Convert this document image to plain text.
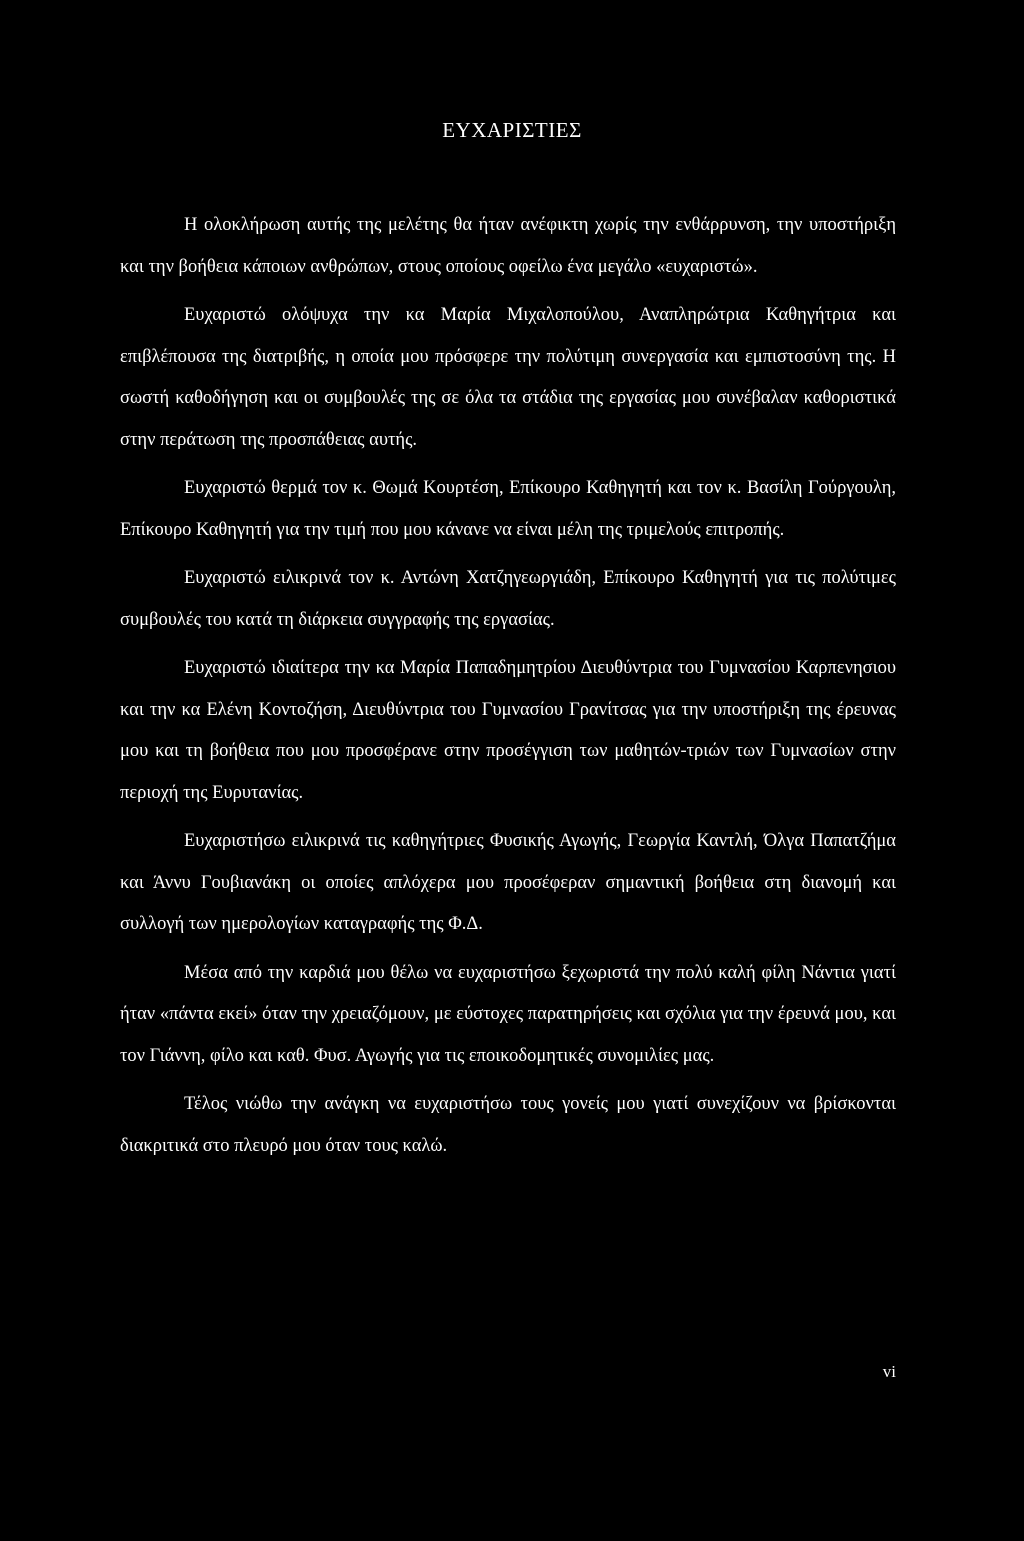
ΕΥΧΑΡΙΣΤΙΕΣ

Η ολοκλήρωση αυτής της μελέτης θα ήταν ανέφικτη χωρίς την ενθάρρυνση, την υποστήριξη και την βοήθεια κάποιων ανθρώπων, στους οποίους οφείλω ένα μεγάλο «ευχαριστώ».

Ευχαριστώ ολόψυχα την κα Μαρία Μιχαλοπούλου, Αναπληρώτρια Καθηγήτρια και επιβλέπουσα της διατριβής, η οποία μου πρόσφερε την πολύτιμη συνεργασία και εμπιστοσύνη της. Η σωστή καθοδήγηση και οι συμβουλές της σε όλα τα στάδια της εργασίας μου συνέβαλαν καθοριστικά στην περάτωση της προσπάθειας αυτής.

Ευχαριστώ θερμά τον κ. Θωμά Κουρτέση, Επίκουρο Καθηγητή και τον κ. Βασίλη Γούργουλη, Επίκουρο Καθηγητή για την τιμή που μου κάνανε να είναι μέλη της τριμελούς επιτροπής.

Ευχαριστώ ειλικρινά τον κ. Αντώνη Χατζηγεωργιάδη, Επίκουρο Καθηγητή για τις πολύτιμες συμβουλές του κατά τη διάρκεια συγγραφής της εργασίας.

Ευχαριστώ ιδιαίτερα την κα Μαρία Παπαδημητρίου Διευθύντρια του Γυμνασίου Καρπενησιου και την κα Ελένη Κοντοζήση, Διευθύντρια του Γυμνασίου Γρανίτσας για την υποστήριξη της έρευνας μου και τη βοήθεια που μου προσφέρανε στην προσέγγιση των μαθητών-τριών των Γυμνασίων στην περιοχή της Ευρυτανίας.

Ευχαριστήσω ειλικρινά τις καθηγήτριες Φυσικής Αγωγής, Γεωργία Καντλή, Όλγα Παπατζήμα και Άννυ Γουβιανάκη οι οποίες απλόχερα μου προσέφεραν σημαντική βοήθεια στη διανομή και συλλογή των ημερολογίων καταγραφής της Φ.Δ.

Μέσα από την καρδιά μου θέλω να ευχαριστήσω ξεχωριστά την πολύ καλή φίλη Νάντια γιατί ήταν «πάντα εκεί» όταν την χρειαζόμουν, με εύστοχες παρατηρήσεις και σχόλια για την έρευνά μου, και τον Γιάννη, φίλο και καθ. Φυσ. Αγωγής για τις εποικοδομητικές συνομιλίες μας.

Τέλος νιώθω την ανάγκη να ευχαριστήσω τους γονείς μου γιατί συνεχίζουν να βρίσκονται διακριτικά στο πλευρό μου όταν τους καλώ.

vi
